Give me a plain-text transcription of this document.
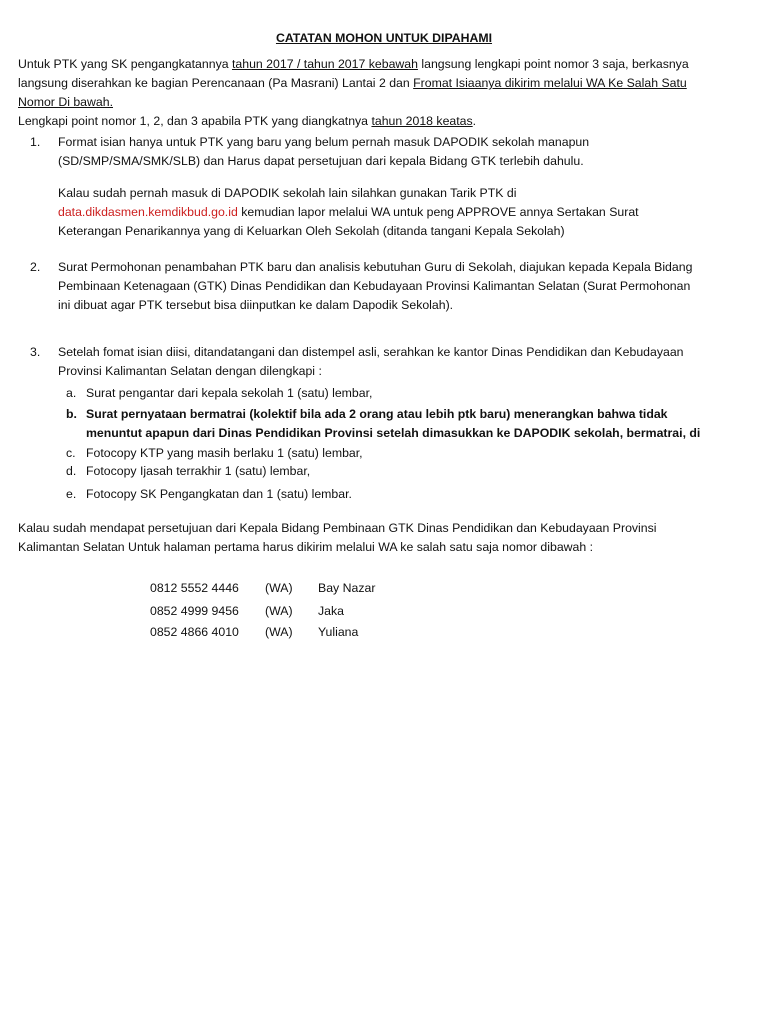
CATATAN MOHON UNTUK DIPAHAMI

Untuk PTK yang SK pengangkatannya tahun 2017 / tahun 2017 kebawah langsung lengkapi point nomor 3 saja, berkasnya langsung diserahkan ke bagian Perencanaan (Pa Masrani) Lantai 2 dan Fromat Isiaanya dikirim melalui WA Ke Salah Satu Nomor Di bawah.

Lengkapi point nomor 1, 2, dan 3 apabila PTK yang diangkatnya tahun 2018 keatas.

1. Format isian hanya untuk PTK yang baru yang belum pernah masuk DAPODIK sekolah manapun (SD/SMP/SMA/SMK/SLB) dan Harus dapat persetujuan dari kepala Bidang GTK terlebih dahulu.

Kalau sudah pernah masuk di DAPODIK sekolah lain silahkan gunakan Tarik PTK di
data.dikdasmen.kemdikbud.go.id kemudian lapor melalui WA untuk peng APPROVE annya Sertakan Surat Keterangan Penarikannya yang di Keluarkan Oleh Sekolah (ditanda tangani Kepala Sekolah)

2. Surat Permohonan penambahan PTK baru dan analisis kebutuhan Guru di Sekolah, diajukan kepada Kepala Bidang Pembinaan Ketenagaan (GTK) Dinas Pendidikan dan Kebudayaan Provinsi Kalimantan Selatan (Surat Permohonan ini dibuat agar PTK tersebut bisa diinputkan ke dalam Dapodik Sekolah).

3. Setelah fomat isian diisi, ditandatangani dan distempel asli, serahkan ke kantor Dinas Pendidikan dan Kebudayaan Provinsi Kalimantan Selatan dengan dilengkapi :

a. Surat pengantar dari kepala sekolah 1 (satu) lembar,
b. Surat pernyataan bermatrai (kolektif bila ada 2 orang atau lebih ptk baru) menerangkan bahwa tidak menuntut apapun dari Dinas Pendidikan Provinsi setelah dimasukkan ke DAPODIK sekolah, bermatrai, di
c. Fotocopy KTP yang masih berlaku 1 (satu) lembar,
d. Fotocopy Ijasah terrakhir 1 (satu) lembar,
e. Fotocopy SK Pengangkatan dan 1 (satu) lembar.

Kalau sudah mendapat persetujuan dari Kepala Bidang Pembinaan GTK Dinas Pendidikan dan Kebudayaan Provinsi Kalimantan Selatan Untuk halaman pertama harus dikirim melalui WA ke salah satu saja nomor dibawah :

0812 5552 4446 (WA) Bay Nazar
0852 4999 9456 (WA) Jaka
0852 4866 4010 (WA) Yuliana
